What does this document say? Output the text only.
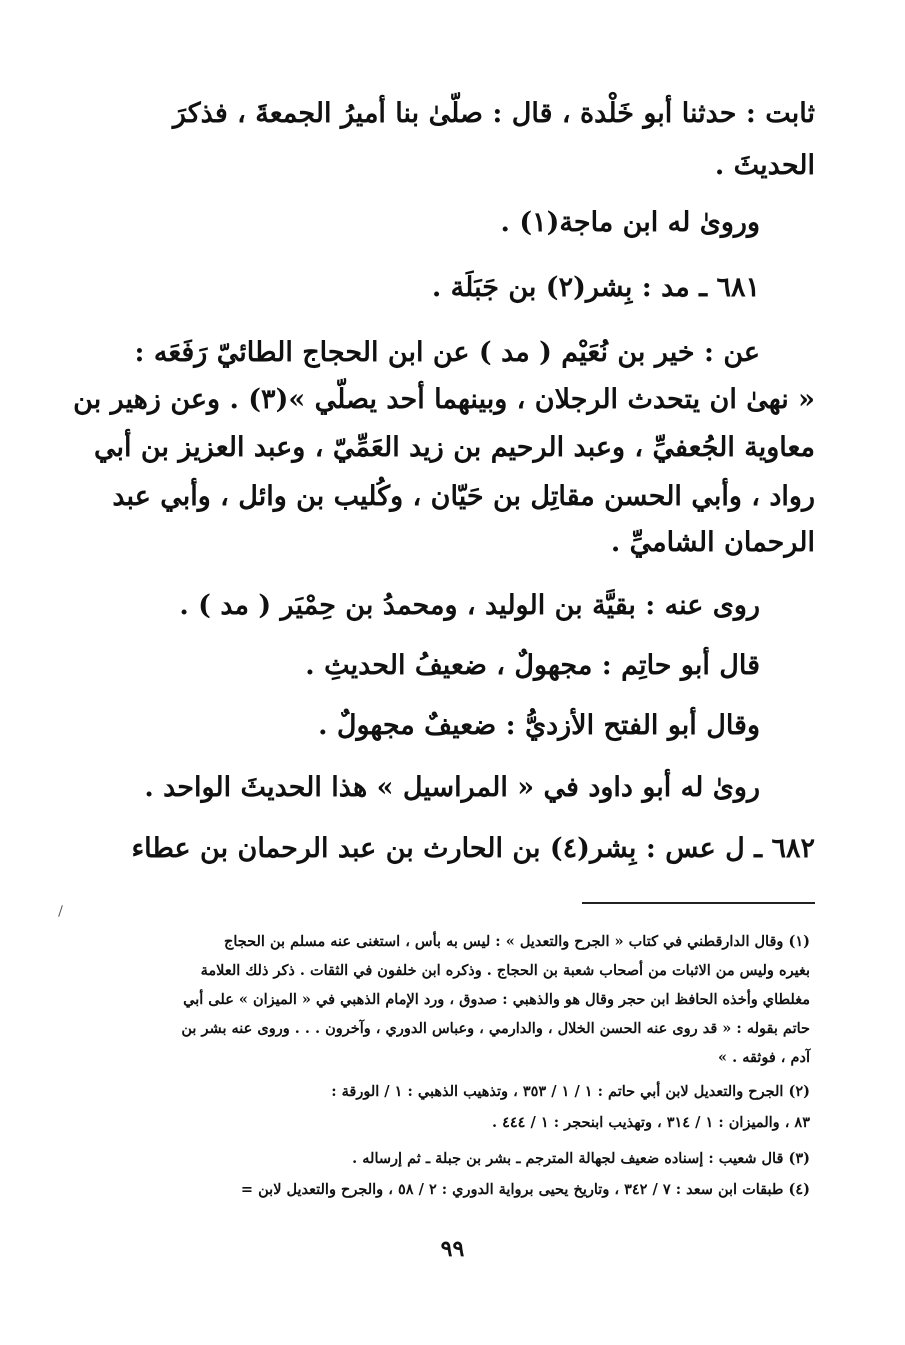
ثابت : حدثنا أبو خَلْدة ، قال : صلّىٰ بنا أميرُ الجمعةَ ، فذكرَ
الحديثَ .
ورویٰ له ابن ماجة(١) .
٦٨١ ـ مد : بِشر(٢) بن جَبَلَة .
عن : خير بن نُعَيْم ( مد ) عن ابن الحجاج الطائيّ رَفَعَه :
« نهىٰ ان يتحدث الرجلان ، وبينهما أحد يصلّي »(٣) . وعن زهير بن
معاوية الجُعفيِّ ، وعبد الرحيم بن زيد العَمِّيّ ، وعبد العزيز بن أبي
رواد ، وأبي الحسن مقاتِل بن حَيّان ، وكُليب بن وائل ، وأبي عبد
الرحمان الشاميِّ .
روى عنه : بقيَّة بن الوليد ، ومحمدُ بن حِمْيَر ( مد ) .
قال أبو حاتِم : مجهولٌ ، ضعيفُ الحديثِ .
وقال أبو الفتح الأزديُّ : ضعيفٌ مجهولٌ .
رویٰ له أبو داود في « المراسيل » هذا الحديثَ الواحد .
٦٨٢ ـ ل عس : بِشر(٤) بن الحارث بن عبد الرحمان بن عطاء
(١) وقال الدارقطني في كتاب « الجرح والتعديل » : ليس به بأس ، استغنى عنه مسلم بن الحجاج
بغيره وليس من الاثبات من أصحاب شعبة بن الحجاج . وذكره ابن خلفون في الثقات . ذكر ذلك العلامة
مغلطاي وأخذه الحافظ ابن حجر وقال هو والذهبي : صدوق ، ورد الإمام الذهبي في « الميزان » على أبي
حاتم بقوله : « قد روى عنه الحسن الخلال ، والدارمي ، وعباس الدوري ، وآخرون . . . وروى عنه بشر بن
آدم ، فوثقه . »
(٢) الجرح والتعديل لابن أبي حاتم : ١ / ١ / ٣٥٣ ، وتذهيب الذهبي : ١ / الورقة :
٨٣ ، والميزان : ١ / ٣١٤ ، وتهذيب ابنحجر : ١ / ٤٤٤ .
(٣) قال شعيب : إسناده ضعيف لجهالة المترجم ـ بشر بن جبلة ـ ثم إرساله .
(٤) طبقات ابن سعد : ٧ / ٣٤٢ ، وتاريخ يحيى برواية الدوري : ٢ / ٥٨ ، والجرح والتعديل لابن =
٩٩
